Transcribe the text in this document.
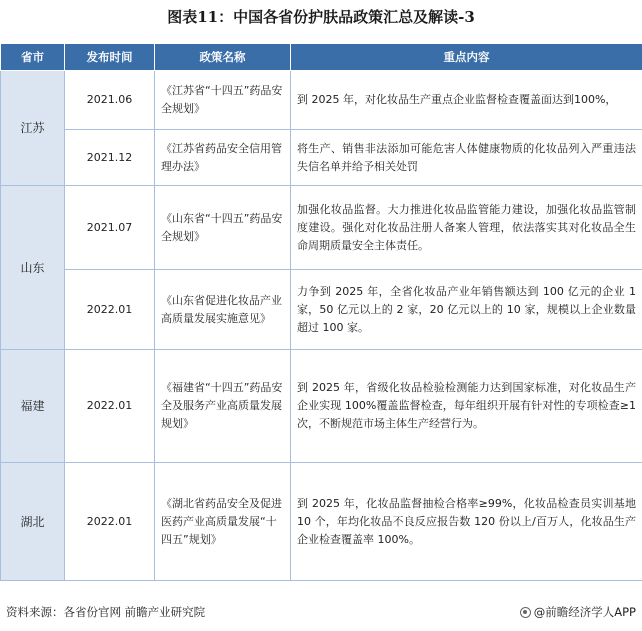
图表11：中国各省份护肤品政策汇总及解读-3
省市	发布时间	政策名称	重点内容
江苏	2021.06	《江苏省“十四五”药品安全规划》	到 2025 年，对化妆品生产重点企业监督检查覆盖面达到100%，
	2021.12	《江苏省药品安全信用管理办法》	将生产、销售非法添加可能危害人体健康物质的化妆品列入严重违法失信名单并给予相关处罚
山东	2021.07	《山东省“十四五”药品安全规划》	加强化妆品监督。大力推进化妆品监管能力建设，加强化妆品监管制度建设。强化对化妆品注册人备案人管理，依法落实其对化妆品全生命周期质量安全主体责任。
	2022.01	《山东省促进化妆品产业高质量发展实施意见》	力争到 2025 年，全省化妆品产业年销售额达到 100 亿元的企业 1 家，50 亿元以上的 2 家，20 亿元以上的 10 家，规模以上企业数量超过 100 家。
福建	2022.01	《福建省“十四五”药品安全及服务产业高质量发展规划》	到 2025 年，省级化妆品检验检测能力达到国家标准，对化妆品生产企业实现 100%覆盖监督检查，每年组织开展有针对性的专项检查≥1 次，不断规范市场主体生产经营行为。
湖北	2022.01	《湖北省药品安全及促进医药产业高质量发展“十四五”规划》	到 2025 年，化妆品监督抽检合格率≥99%，化妆品检查员实训基地 10 个，年均化妆品不良反应报告数 120 份以上/百万人，化妆品生产企业检查覆盖率 100%。
资料来源：各省份官网 前瞻产业研究院	@前瞻经济学人APP
